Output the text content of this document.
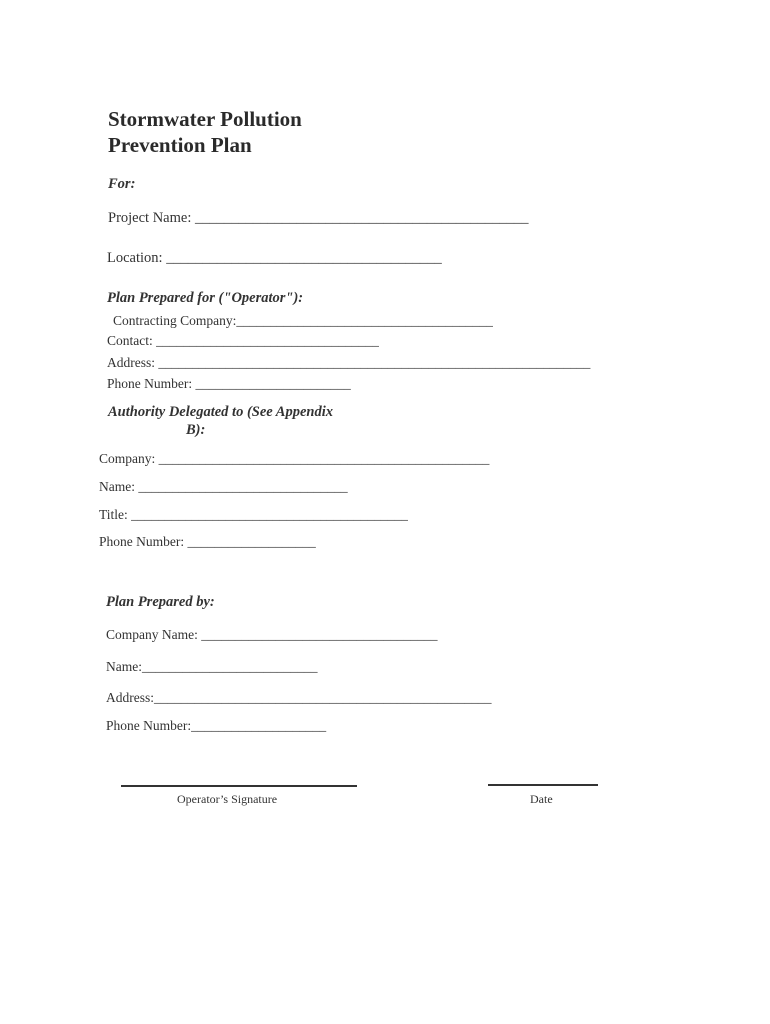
Stormwater Pollution
Prevention Plan
For:
Project Name: ______________________________________________
Location: ______________________________________
Plan Prepared for ("Operator"):
Contracting Company:______________________________________
Contact: _________________________________
Address: ________________________________________________________________
Phone Number: _______________________
Authority Delegated to (See Appendix
B):
Company: _________________________________________________
Name: _______________________________
Title: _________________________________________
Phone Number: ___________________
Plan Prepared by:
Company Name: ___________________________________
Name:__________________________
Address:__________________________________________________
Phone Number:____________________
Operator’s Signature	Date
